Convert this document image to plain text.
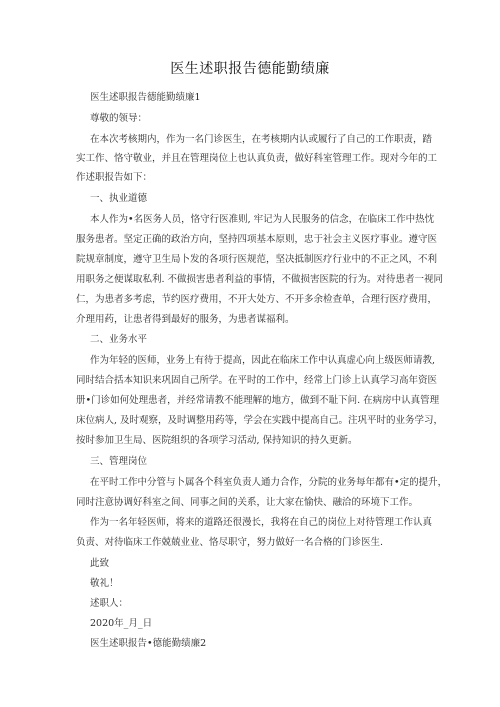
医生述职报告德能勤绩廉
医生述职报告德能勤绩廉1
尊敬的领导：
在本次考核期内，作为一名门诊医生，在考核期内认或履行了自己的工作职责，踏
实工作、恪守敬业，并且在管理岗位上也认真负责，做好科室管理工作。现对今年的工
作述职报告如下：
一、执业道德
本人作为•名医务人员，恪守行医准则, 牢记为人民服务的信念，在临床工作中热忱
服务患者。坚定正确的政治方向，坚持四项基本原则，忠于社会主义医疗事业。遵守医
院规章制度，遵守卫生局卜发的各项行医规范，坚决抵制医疗行业中的不正之风，不利
用职务之便谋取私利. 不做损害患者利益的事情，不做损害医院的行为。对待患者一视同
仁，为患者多考虑，节约医疗费用，不开大处方、不开多余检查单，合理行医疗费用，
介理用药，让患者得到最好的服务，为患者谋福利。
二、业务水平
作为年轻的医师，业务上有待于提高，因此在临床工作中认真虚心向上级医师请教,
同时结合括本知识来巩固自己所学。在平时的工作中，经常上门诊上认真学习高年资医
册•门诊如何处理患者，并经常请教不能理解的地方，做到不耻下问. 在病房中认真管理
床位病人, 及时观察，及时调整用药等，学会在实践中提高自己。注巩平时的业务学习，
按时参加卫生局、医院组织的各项学习活动, 保持知识的持久更新。
三、管理岗位
在平时工作中分管与卜属各个科室负责人通力合作，分院的业务每年都有•定的提升，
同时注意协调好科室之间、同事之间的关系，让大家在愉快、融洽的环境下工作。
作为一名年轻医师，将来的道路还很漫长，我将在自己的岗位上对待管理工作认真
负责、对待临床工作兢兢业业、恪尽职守，努力做好一名合格的门诊医生.
此致
敬礼！
述职人：
2020年_月_日
医生述职报告•德能勤绩廉2
